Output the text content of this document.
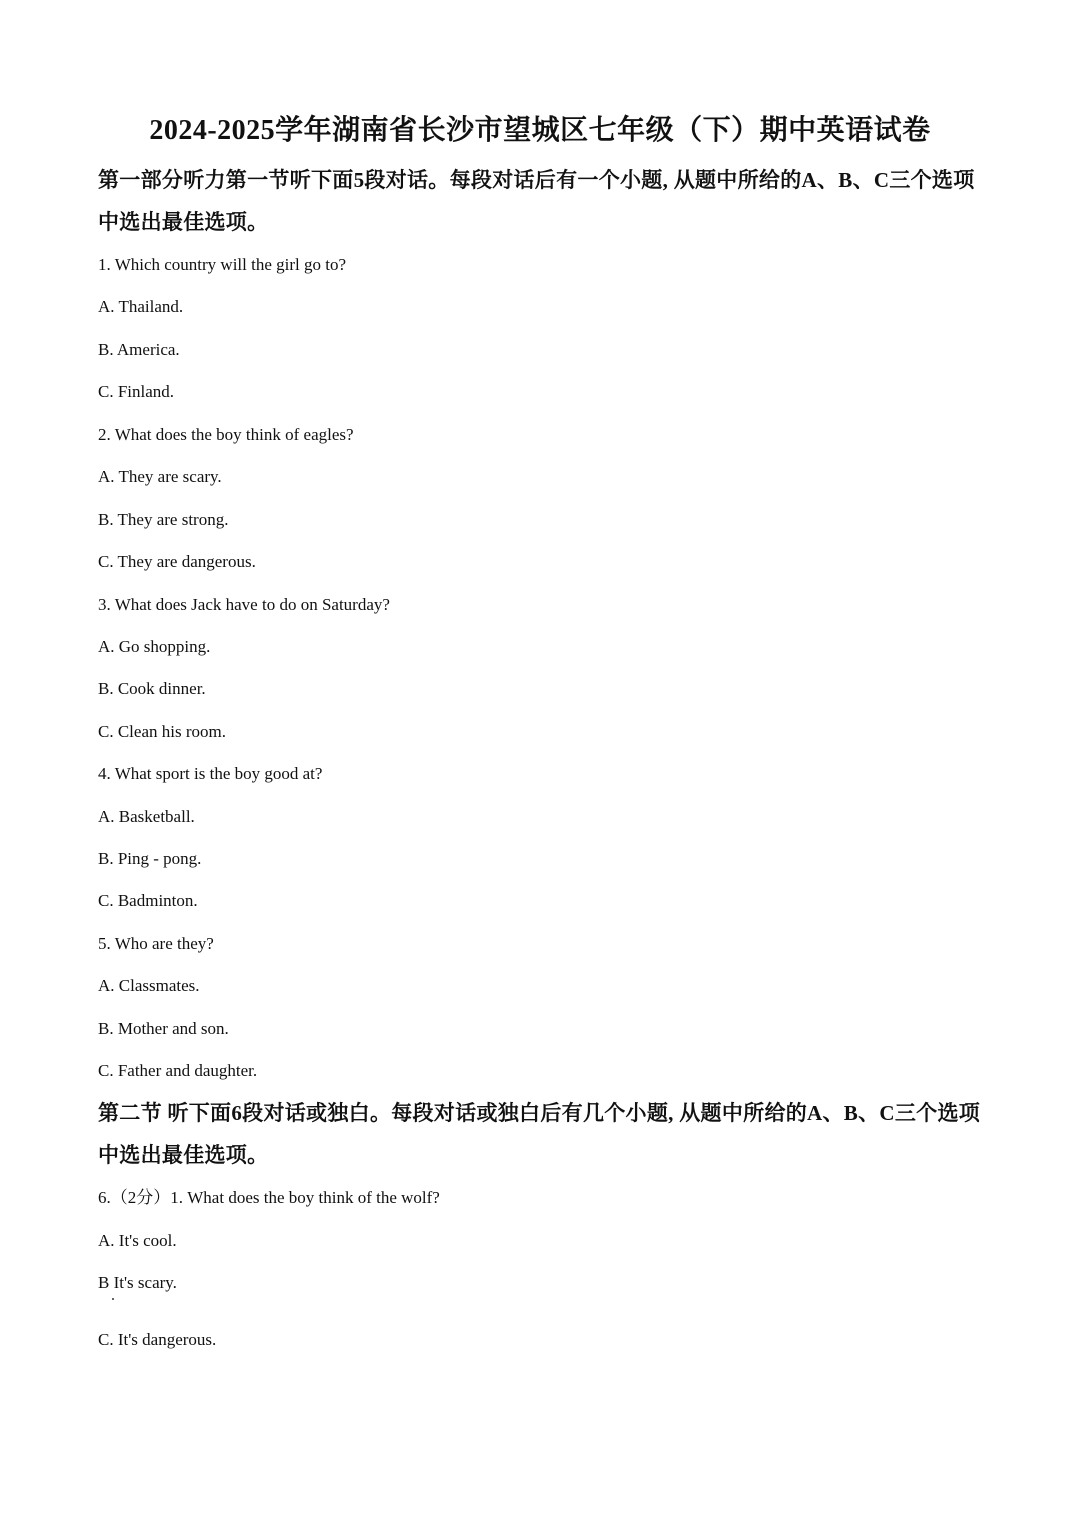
2024-2025学年湖南省长沙市望城区七年级（下）期中英语试卷
第一部分听力第一节听下面5段对话。每段对话后有一个小题, 从题中所给的A、B、C三个选项中选出最佳选项。
1. Which country will the girl go to?
A. Thailand.
B. America.
C. Finland.
2. What does the boy think of eagles?
A. They are scary.
B. They are strong.
C. They are dangerous.
3. What does Jack have to do on Saturday?
A. Go shopping.
B. Cook dinner.
C. Clean his room.
4. What sport is the boy good at?
A. Basketball.
B. Ping - pong.
C. Badminton.
5. Who are they?
A. Classmates.
B. Mother and son.
C. Father and daughter.
第二节 听下面6段对话或独白。每段对话或独白后有几个小题, 从题中所给的A、B、C三个选项中选出最佳选项。
6.（2分）1. What does the boy think of the wolf?
A. It's cool.
B It's scary.
C. It's dangerous.
